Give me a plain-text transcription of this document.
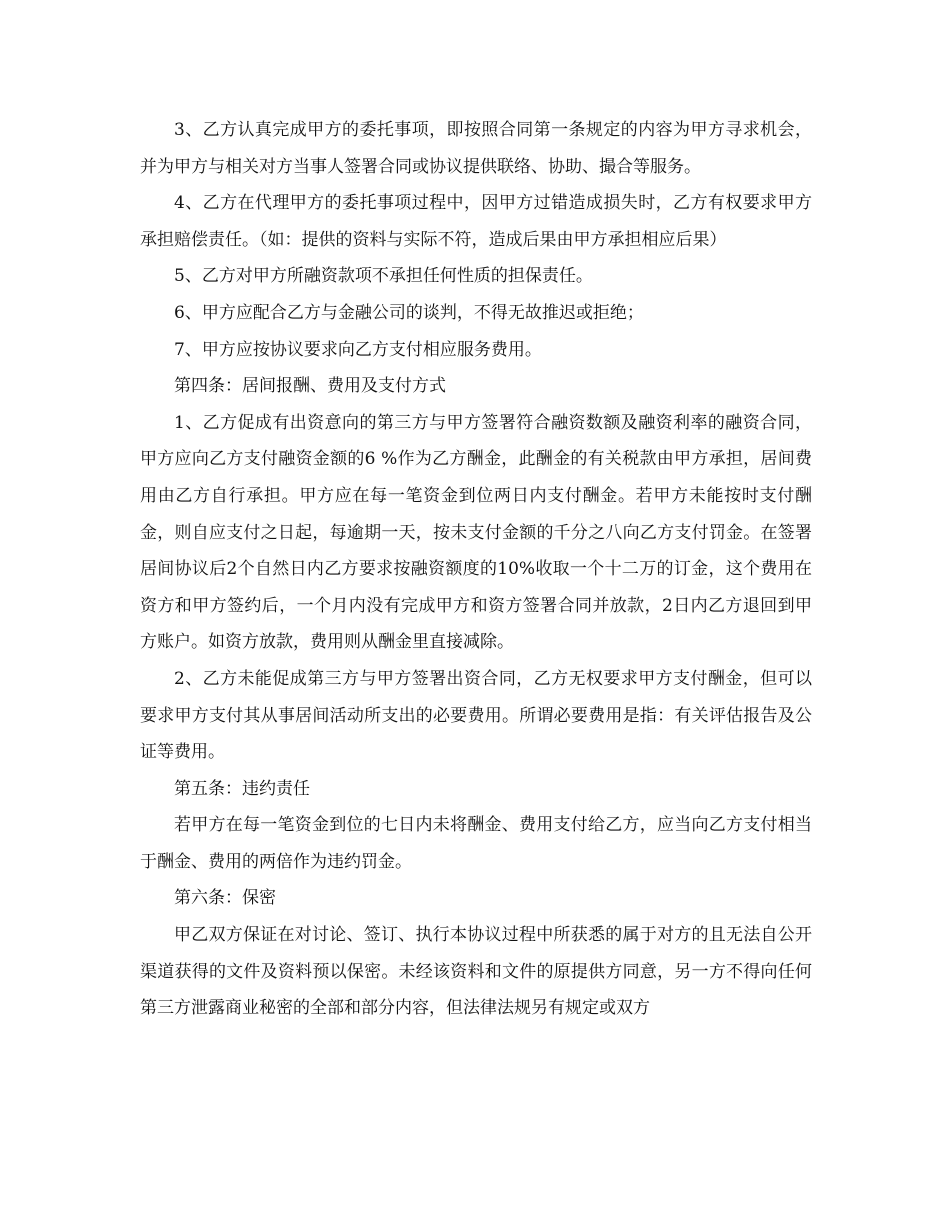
3、乙方认真完成甲方的委托事项，即按照合同第一条规定的内容为甲方寻求机会，并为甲方与相关对方当事人签署合同或协议提供联络、协助、撮合等服务。

4、乙方在代理甲方的委托事项过程中，因甲方过错造成损失时，乙方有权要求甲方承担赔偿责任。（如：提供的资料与实际不符，造成后果由甲方承担相应后果）

5、乙方对甲方所融资款项不承担任何性质的担保责任。

6、甲方应配合乙方与金融公司的谈判，不得无故推迟或拒绝；

7、甲方应按协议要求向乙方支付相应服务费用。

第四条：居间报酬、费用及支付方式

1、乙方促成有出资意向的第三方与甲方签署符合融资数额及融资利率的融资合同，甲方应向乙方支付融资金额的6 %作为乙方酬金，此酬金的有关税款由甲方承担，居间费用由乙方自行承担。甲方应在每一笔资金到位两日内支付酬金。若甲方未能按时支付酬金，则自应支付之日起，每逾期一天，按未支付金额的千分之八向乙方支付罚金。在签署居间协议后2个自然日内乙方要求按融资额度的10%收取一个十二万的订金，这个费用在资方和甲方签约后，一个月内没有完成甲方和资方签署合同并放款，2日内乙方退回到甲方账户。如资方放款，费用则从酬金里直接减除。

2、乙方未能促成第三方与甲方签署出资合同，乙方无权要求甲方支付酬金，但可以要求甲方支付其从事居间活动所支出的必要费用。所谓必要费用是指：有关评估报告及公证等费用。

第五条：违约责任

若甲方在每一笔资金到位的七日内未将酬金、费用支付给乙方，应当向乙方支付相当于酬金、费用的两倍作为违约罚金。

第六条：保密

甲乙双方保证在对讨论、签订、执行本协议过程中所获悉的属于对方的且无法自公开渠道获得的文件及资料预以保密。未经该资料和文件的原提供方同意，另一方不得向任何第三方泄露商业秘密的全部和部分内容，但法律法规另有规定或双方
